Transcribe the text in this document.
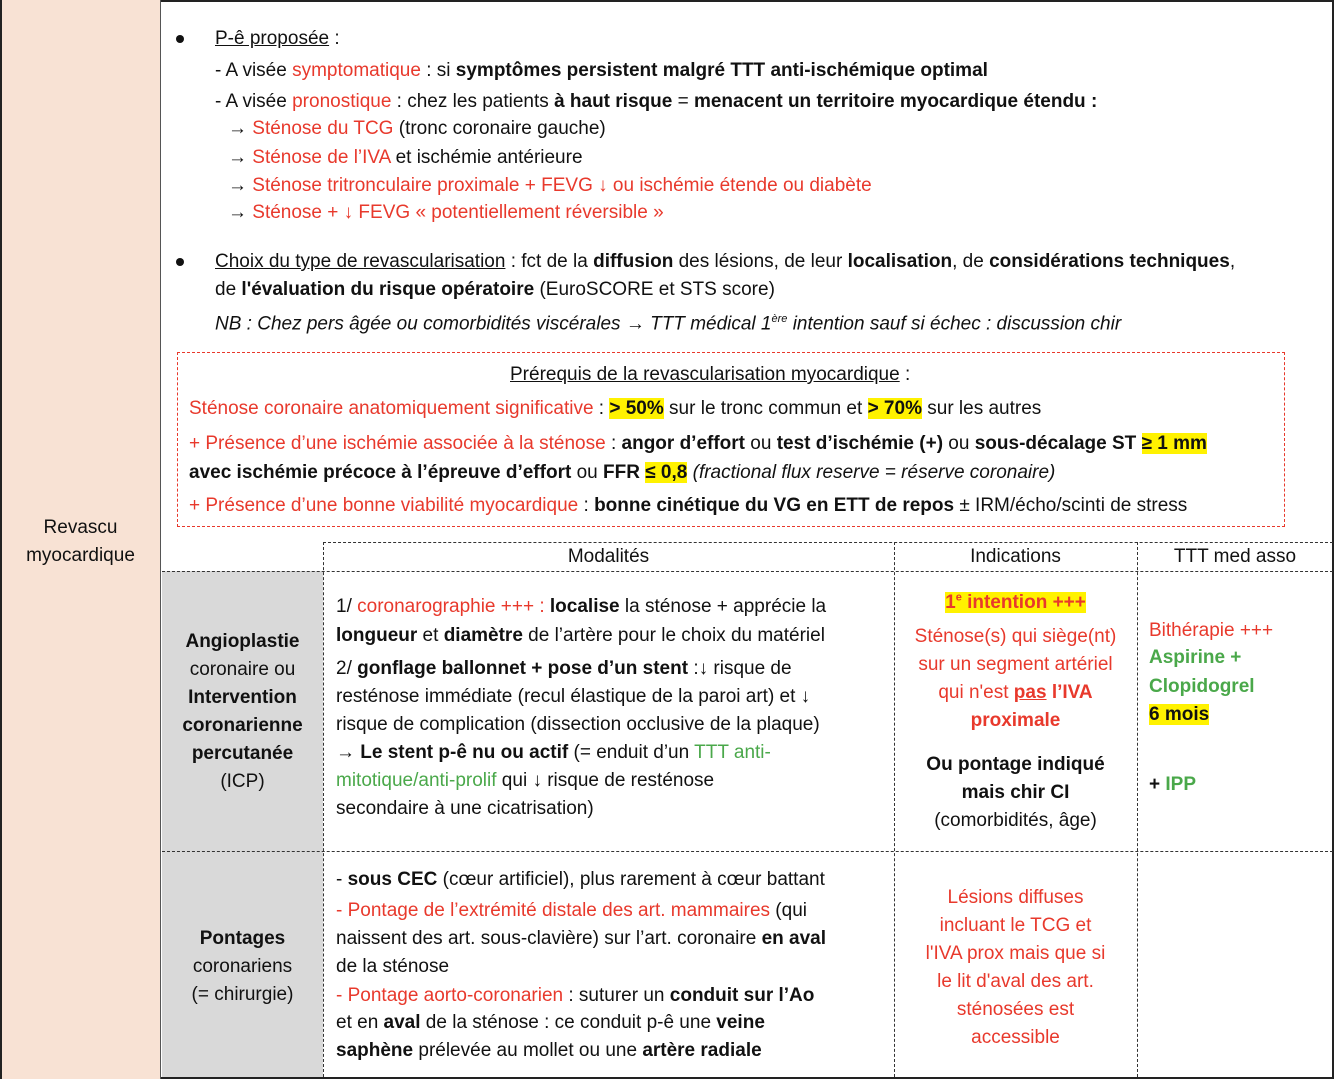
Revascu
myocardique
P-ê proposée :
- A visée symptomatique : si symptômes persistent malgré TTT anti-ischémique optimal
- A visée pronostique : chez les patients à haut risque = menacent un territoire myocardique étendu :
→ Sténose du TCG (tronc coronaire gauche)
→ Sténose de l’IVA et ischémie antérieure
→ Sténose tritronculaire proximale + FEVG ↓ ou ischémie étende ou diabète
→ Sténose + ↓ FEVG « potentiellement réversible »
Choix du type de revascularisation : fct de la diffusion des lésions, de leur localisation, de considérations techniques,
de l'évaluation du risque opératoire (EuroSCORE et STS score)
NB : Chez pers âgée ou comorbidités viscérales → TTT médical 1ère intention sauf si échec : discussion chir
Prérequis de la revascularisation myocardique :
Sténose coronaire anatomiquement significative : > 50% sur le tronc commun et > 70% sur les autres
+ Présence d’une ischémie associée à la sténose : angor d’effort ou test d’ischémie (+) ou sous-décalage ST ≥ 1 mm
avec ischémie précoce à l’épreuve d’effort ou FFR ≤ 0,8 (fractional flux reserve = réserve coronaire)
+ Présence d’une bonne viabilité myocardique : bonne cinétique du VG en ETT de repos ± IRM/écho/scinti de stress
Modalités	Indications	TTT med asso
Angioplastie
coronaire ou
Intervention
coronarienne
percutanée
(ICP)
1/ coronarographie +++ : localise la sténose + apprécie la
longueur et diamètre de l’artère pour le choix du matériel
2/ gonflage ballonnet + pose d’un stent :↓ risque de
resténose immédiate (recul élastique de la paroi art) et ↓
risque de complication (dissection occlusive de la plaque)
→ Le stent p-ê nu ou actif (= enduit d’un TTT anti-
mitotique/anti-prolif qui ↓ risque de resténose
secondaire à une cicatrisation)
1e intention +++
Sténose(s) qui siège(nt)
sur un segment artériel
qui n'est pas l’IVA
proximale
Ou pontage indiqué
mais chir CI
(comorbidités, âge)
Bithérapie +++
Aspirine +
Clopidogrel
6 mois
+ IPP
Pontages
coronariens
(= chirurgie)
- sous CEC (cœur artificiel), plus rarement à cœur battant
- Pontage de l’extrémité distale des art. mammaires (qui
naissent des art. sous-clavière) sur l’art. coronaire en aval
de la sténose
- Pontage aorto-coronarien : suturer un conduit sur l’Ao
et en aval de la sténose : ce conduit p-ê une veine
saphène prélevée au mollet ou une artère radiale
Lésions diffuses
incluant le TCG et
l'IVA prox mais que si
le lit d'aval des art.
sténosées est
accessible
